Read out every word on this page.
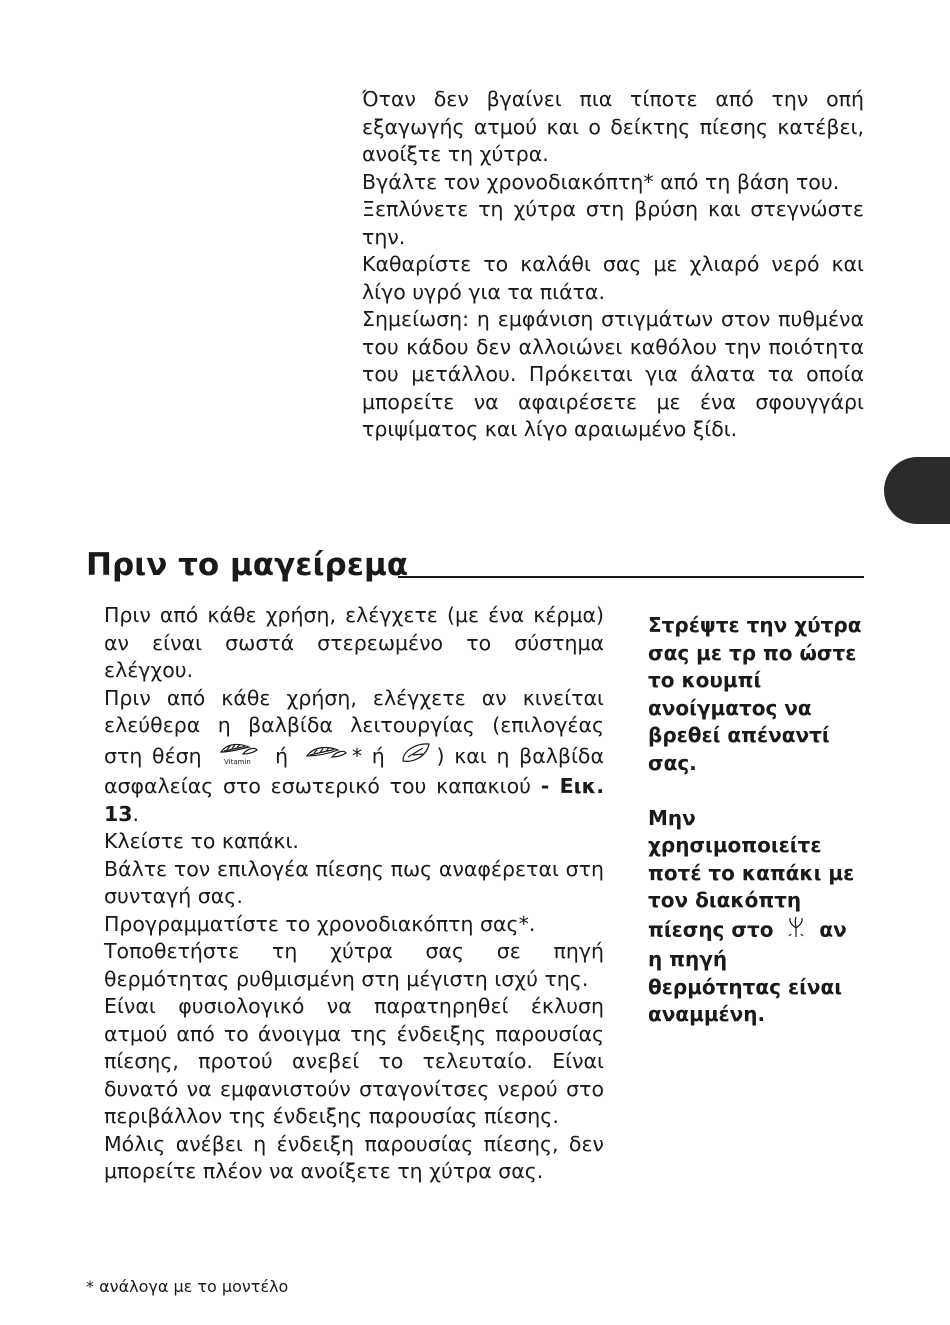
Όταν δεν βγαίνει πια τίποτε από την οπή εξαγωγής ατμού και ο δείκτης πίεσης κατέβει, ανοίξτε τη χύτρα.

Βγάλτε τον χρονοδιακόπτη* από τη βάση του.

Ξεπλύνετε τη χύτρα στη βρύση και στεγνώστε την.

Καθαρίστε το καλάθι σας με χλιαρό νερό και λίγο υγρό για τα πιάτα.

Σημείωση: η εμφάνιση στιγμάτων στον πυθμένα του κάδου δεν αλλοιώνει καθόλου την ποιότητα του μετάλλου. Πρόκειται για άλατα τα οποία μπορείτε να αφαιρέσετε με ένα σφουγγάρι τριψίματος και λίγο αραιωμένο ξίδι.

Πριν το μαγείρεμα

Πριν από κάθε χρήση, ελέγχετε (με ένα κέρμα) αν είναι σωστά στερεωμένο το σύστημα ελέγχου.

Πριν από κάθε χρήση, ελέγχετε αν κινείται ελεύθερα η βαλβίδα λειτουργίας (επιλογέας στη θέση	Vitamin ή	* ή	) και η βαλβίδα ασφαλείας στο εσωτερικό του καπακιού - Εικ. 13.

Κλείστε το καπάκι.

Βάλτε τον επιλογέα πίεσης πως αναφέρεται στη συνταγή σας.

Προγραμματίστε το χρονοδιακόπτη σας*.

Τοποθετήστε τη χύτρα σας σε πηγή θερμότητας ρυθμισμένη στη μέγιστη ισχύ της.

Είναι φυσιολογικό να παρατηρηθεί έκλυση ατμού από το άνοιγμα της ένδειξης παρουσίας πίεσης, προτού ανεβεί το τελευταίο. Είναι δυνατό να εμφανιστούν σταγονίτσες νερού στο περιβάλλον της ένδειξης παρουσίας πίεσης.

Μόλις ανέβει η ένδειξη παρουσίας πίεσης, δεν μπορείτε πλέον να ανοίξετε τη χύτρα σας.

Στρέψτε την χύτρα σας με τρ πο ώστε το κουμπί ανοίγματος να βρεθεί απέναντί σας.
Μην χρησιμοποιείτε ποτέ το καπάκι με τον διακόπτη πίεσης στο αν η πηγή θερμότητας είναι αναμμένη.
* ανάλογα με το μοντέλο
